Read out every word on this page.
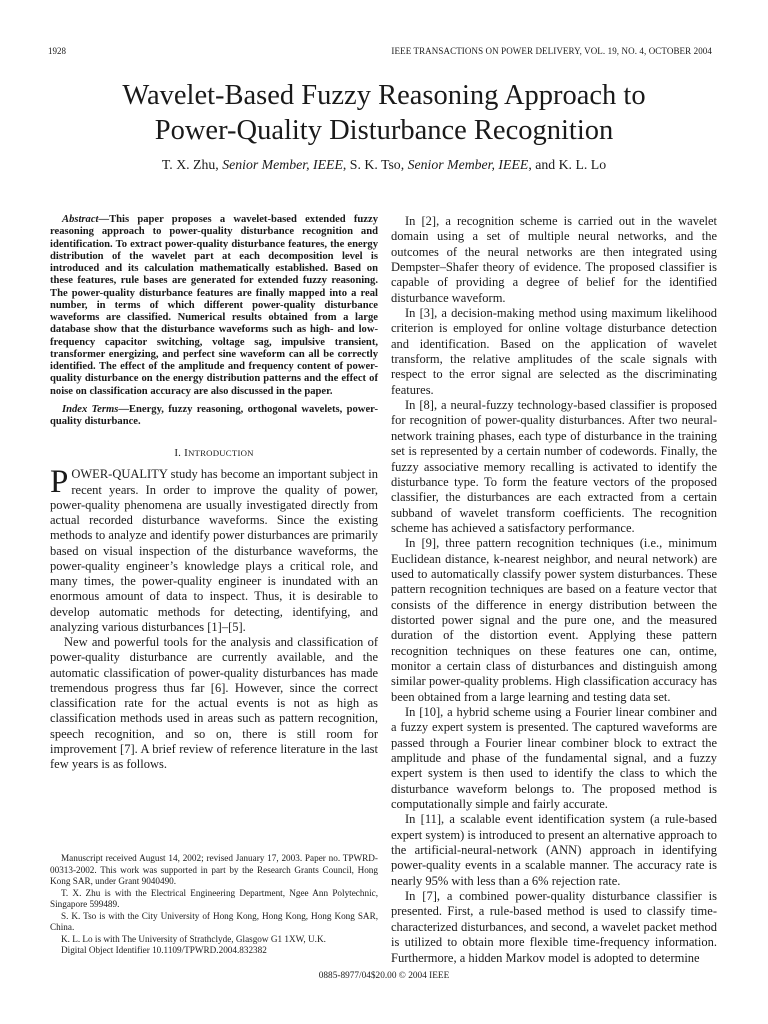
1928	IEEE TRANSACTIONS ON POWER DELIVERY, VOL. 19, NO. 4, OCTOBER 2004
Wavelet-Based Fuzzy Reasoning Approach to
Power-Quality Disturbance Recognition
T. X. Zhu, Senior Member, IEEE, S. K. Tso, Senior Member, IEEE, and K. L. Lo

Abstract—This paper proposes a wavelet-based extended fuzzy reasoning approach to power-quality disturbance recognition and identification. To extract power-quality disturbance features, the energy distribution of the wavelet part at each decomposition level is introduced and its calculation mathematically established. Based on these features, rule bases are generated for extended fuzzy reasoning. The power-quality disturbance features are finally mapped into a real number, in terms of which different power-quality disturbance waveforms are classified. Numerical results obtained from a large database show that the disturbance waveforms such as high- and low-frequency capacitor switching, voltage sag, impulsive transient, transformer energizing, and perfect sine waveform can all be correctly identified. The effect of the amplitude and frequency content of power-quality disturbance on the energy distribution patterns and the effect of noise on classification accuracy are also discussed in the paper.

Index Terms—Energy, fuzzy reasoning, orthogonal wavelets, power-quality disturbance.

I. INTRODUCTION

POWER-QUALITY study has become an important subject in recent years. In order to improve the quality of power, power-quality phenomena are usually investigated directly from actual recorded disturbance waveforms. Since the existing methods to analyze and identify power disturbances are primarily based on visual inspection of the disturbance waveforms, the power-quality engineer’s knowledge plays a critical role, and many times, the power-quality engineer is inundated with an enormous amount of data to inspect. Thus, it is desirable to develop automatic methods for detecting, identifying, and analyzing various disturbances [1]–[5].

New and powerful tools for the analysis and classification of power-quality disturbance are currently available, and the automatic classification of power-quality disturbances has made tremendous progress thus far [6]. However, since the correct classification rate for the actual events is not as high as classification methods used in areas such as pattern recognition, speech recognition, and so on, there is still room for improvement [7]. A brief review of reference literature in the last few years is as follows.

Manuscript received August 14, 2002; revised January 17, 2003. Paper no. TPWRD-00313-2002. This work was supported in part by the Research Grants Council, Hong Kong SAR, under Grant 9040490.

T. X. Zhu is with the Electrical Engineering Department, Ngee Ann Polytechnic, Singapore 599489.

S. K. Tso is with the City University of Hong Kong, Hong Kong, Hong Kong SAR, China.

K. L. Lo is with The University of Strathclyde, Glasgow G1 1XW, U.K.

Digital Object Identifier 10.1109/TPWRD.2004.832382

In [2], a recognition scheme is carried out in the wavelet domain using a set of multiple neural networks, and the outcomes of the neural networks are then integrated using Dempster–Shafer theory of evidence. The proposed classifier is capable of providing a degree of belief for the identified disturbance waveform.

In [3], a decision-making method using maximum likelihood criterion is employed for online voltage disturbance detection and identification. Based on the application of wavelet transform, the relative amplitudes of the scale signals with respect to the error signal are selected as the discriminating features.

In [8], a neural-fuzzy technology-based classifier is proposed for recognition of power-quality disturbances. After two neural-network training phases, each type of disturbance in the training set is represented by a certain number of codewords. Finally, the fuzzy associative memory recalling is activated to identify the disturbance type. To form the feature vectors of the proposed classifier, the disturbances are each extracted from a certain subband of wavelet transform coefficients. The recognition scheme has achieved a satisfactory performance.

In [9], three pattern recognition techniques (i.e., minimum Euclidean distance, k-nearest neighbor, and neural network) are used to automatically classify power system disturbances. These pattern recognition techniques are based on a feature vector that consists of the difference in energy distribution between the distorted power signal and the pure one, and the measured duration of the distortion event. Applying these pattern recognition techniques on these features one can, ontime, monitor a certain class of disturbances and distinguish among similar power-quality problems. High classification accuracy has been obtained from a large learning and testing data set.

In [10], a hybrid scheme using a Fourier linear combiner and a fuzzy expert system is presented. The captured waveforms are passed through a Fourier linear combiner block to extract the amplitude and phase of the fundamental signal, and a fuzzy expert system is then used to identify the class to which the disturbance waveform belongs to. The proposed method is computationally simple and fairly accurate.

In [11], a scalable event identification system (a rule-based expert system) is introduced to present an alternative approach to the artificial-neural-network (ANN) approach in identifying power-quality events in a scalable manner. The accuracy rate is nearly 95% with less than a 6% rejection rate.

In [7], a combined power-quality disturbance classifier is presented. First, a rule-based method is used to classify time-characterized disturbances, and second, a wavelet packet method is utilized to obtain more flexible time-frequency information. Furthermore, a hidden Markov model is adopted to determine

0885-8977/04$20.00 © 2004 IEEE
